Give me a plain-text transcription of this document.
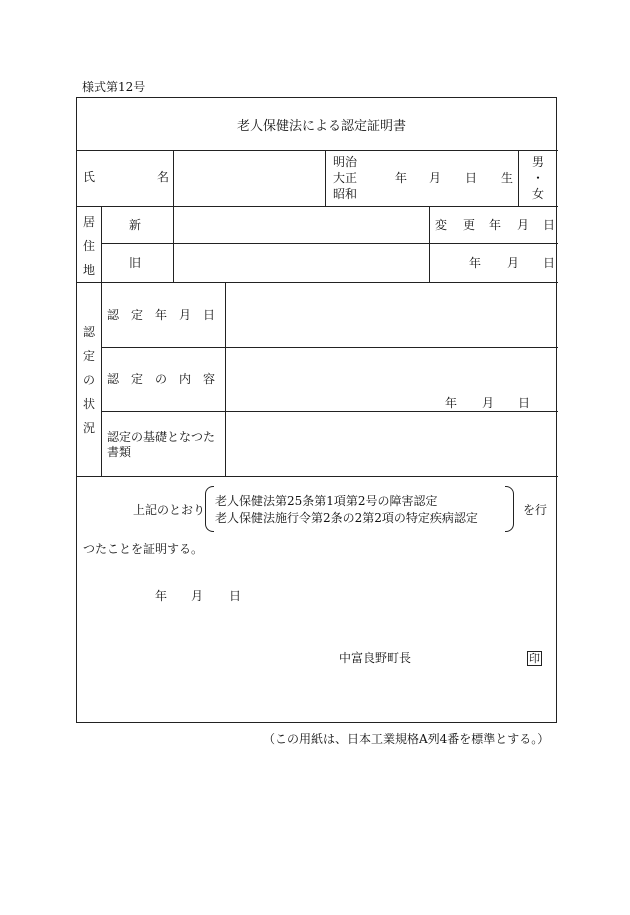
様式第12号
老人保健法による認定証明書
氏	名
明治
大正
昭和
年 月 日 生
男
・
女
居
住
地
新
旧
変 更 年 月 日
年 月 日
認
定
の
状
況
認　定　年　月　日
認　定　の　内　容
年 月 日
認定の基礎となつた
書類
上記のとおり
老人保健法第25条第1項第2号の障害認定
老人保健法施行令第2条の2第2項の特定疾病認定
を行
つたことを証明する。
年 月 日
中富良野町長	印
（この用紙は、日本工業規格A列4番を標準とする。）
